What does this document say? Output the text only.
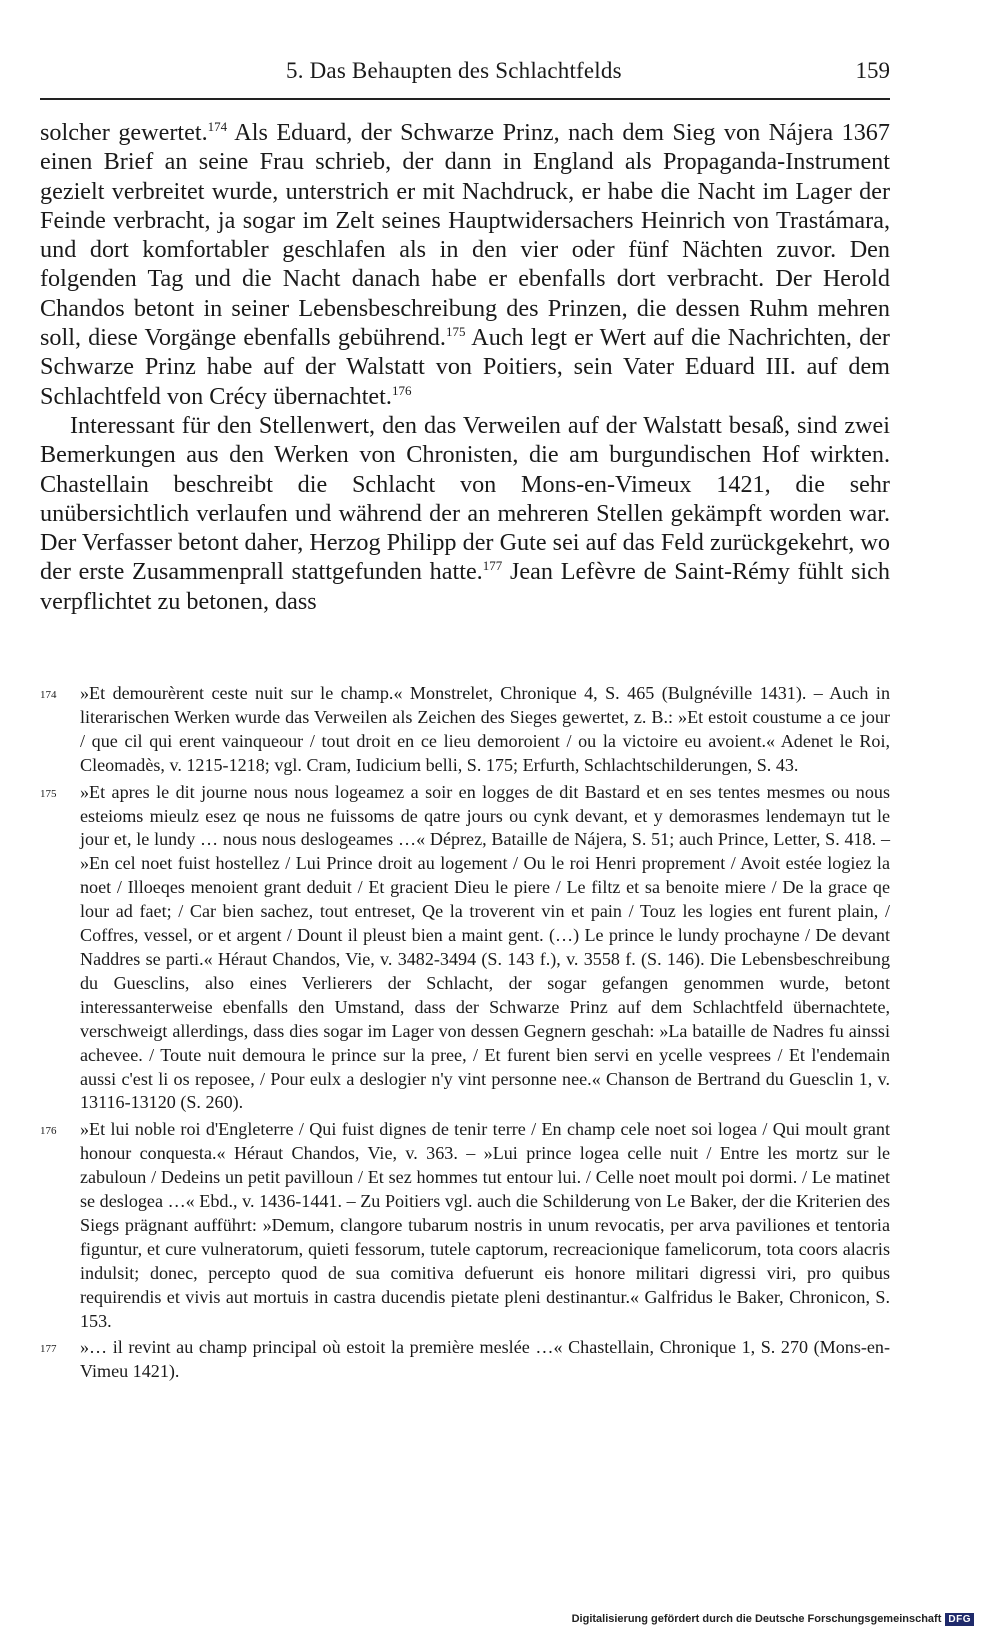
5. Das Behaupten des Schlachtfelds	159

solcher gewertet.$^{174}$ Als Eduard, der Schwarze Prinz, nach dem Sieg von Nájera 1367 einen Brief an seine Frau schrieb, der dann in England als Propaganda-Instrument gezielt verbreitet wurde, unterstrich er mit Nachdruck, er habe die Nacht im Lager der Feinde verbracht, ja sogar im Zelt seines Hauptwidersachers Heinrich von Trastámara, und dort komfortabler geschlafen als in den vier oder fünf Nächten zuvor. Den folgenden Tag und die Nacht danach habe er ebenfalls dort verbracht. Der Herold Chandos betont in seiner Lebensbeschreibung des Prinzen, die dessen Ruhm mehren soll, diese Vorgänge ebenfalls gebührend.$^{175}$ Auch legt er Wert auf die Nachrichten, der Schwarze Prinz habe auf der Walstatt von Poitiers, sein Vater Eduard III. auf dem Schlachtfeld von Crécy übernachtet.$^{176}$

Interessant für den Stellenwert, den das Verweilen auf der Walstatt besaß, sind zwei Bemerkungen aus den Werken von Chronisten, die am burgundischen Hof wirkten. Chastellain beschreibt die Schlacht von Mons-en-Vimeux 1421, die sehr unübersichtlich verlaufen und während der an mehreren Stellen gekämpft worden war. Der Verfasser betont daher, Herzog Philipp der Gute sei auf das Feld zurückgekehrt, wo der erste Zusammenprall stattgefunden hatte.$^{177}$ Jean Lefèvre de Saint-Rémy fühlt sich verpflichtet zu betonen, dass

174 »Et demourèrent ceste nuit sur le champ.« Monstrelet, Chronique 4, S. 465 (Bulgnéville 1431). – Auch in literarischen Werken wurde das Verweilen als Zeichen des Sieges gewertet, z. B.: »Et estoit coustume a ce jour / que cil qui erent vainqueour / tout droit en ce lieu demoroient / ou la victoire eu avoient.« Adenet le Roi, Cleomadès, v. 1215-1218; vgl. Cram, Iudicium belli, S. 175; Erfurth, Schlachtschilderungen, S. 43.
175 »Et apres le dit journe nous nous logeamez a soir en logges de dit Bastard et en ses tentes mesmes ou nous esteioms mieulz esez qe nous ne fuissoms de qatre jours ou cynk devant, et y demorasmes lendemayn tut le jour et, le lundy … nous nous deslogeames …« Déprez, Bataille de Nájera, S. 51; auch Prince, Letter, S. 418. – »En cel noet fuist hostellez / Lui Prince droit au logement / Ou le roi Henri proprement / Avoit estée logiez la noet / Illoeqes menoient grant deduit / Et gracient Dieu le piere / Le filtz et sa benoite miere / De la grace qe lour ad faet; / Car bien sachez, tout entreset, Qe la troverent vin et pain / Touz les logies ent furent plain, / Coffres, vessel, or et argent / Dount il pleust bien a maint gent. (…) Le prince le lundy prochayne / De devant Naddres se parti.« Héraut Chandos, Vie, v. 3482-3494 (S. 143 f.), v. 3558 f. (S. 146). Die Lebensbeschreibung du Guesclins, also eines Verlierers der Schlacht, der sogar gefangen genommen wurde, betont interessanterweise ebenfalls den Umstand, dass der Schwarze Prinz auf dem Schlachtfeld übernachtete, verschweigt allerdings, dass dies sogar im Lager von dessen Gegnern geschah: »La bataille de Nadres fu ainssi achevee. / Toute nuit demoura le prince sur la pree, / Et furent bien servi en ycelle vesprees / Et l'endemain aussi c'est li os reposee, / Pour eulx a deslogier n'y vint personne nee.« Chanson de Bertrand du Guesclin 1, v. 13116-13120 (S. 260).
176 »Et lui noble roi d'Engleterre / Qui fuist dignes de tenir terre / En champ cele noet soi logea / Qui moult grant honour conquesta.« Héraut Chandos, Vie, v. 363. – »Lui prince logea celle nuit / Entre les mortz sur le zabuloun / Dedeins un petit pavilloun / Et sez hommes tut entour lui. / Celle noet moult poi dormi. / Le matinet se deslogea …« Ebd., v. 1436-1441. – Zu Poitiers vgl. auch die Schilderung von Le Baker, der die Kriterien des Siegs prägnant aufführt: »Demum, clangore tubarum nostris in unum revocatis, per arva paviliones et tentoria figuntur, et cure vulneratorum, quieti fessorum, tutele captorum, recreacionique famelicorum, tota coors alacris indulsit; donec, percepto quod de sua comitiva defuerunt eis honore militari digressi viri, pro quibus requirendis et vivis aut mortuis in castra ducendis pietate pleni destinantur.« Galfridus le Baker, Chronicon, S. 153.
177 »… il revint au champ principal où estoit la première meslée …« Chastellain, Chronique 1, S. 270 (Mons-en-Vimeu 1421).
Digitalisierung gefördert durch die Deutsche Forschungsgemeinschaft DFG
